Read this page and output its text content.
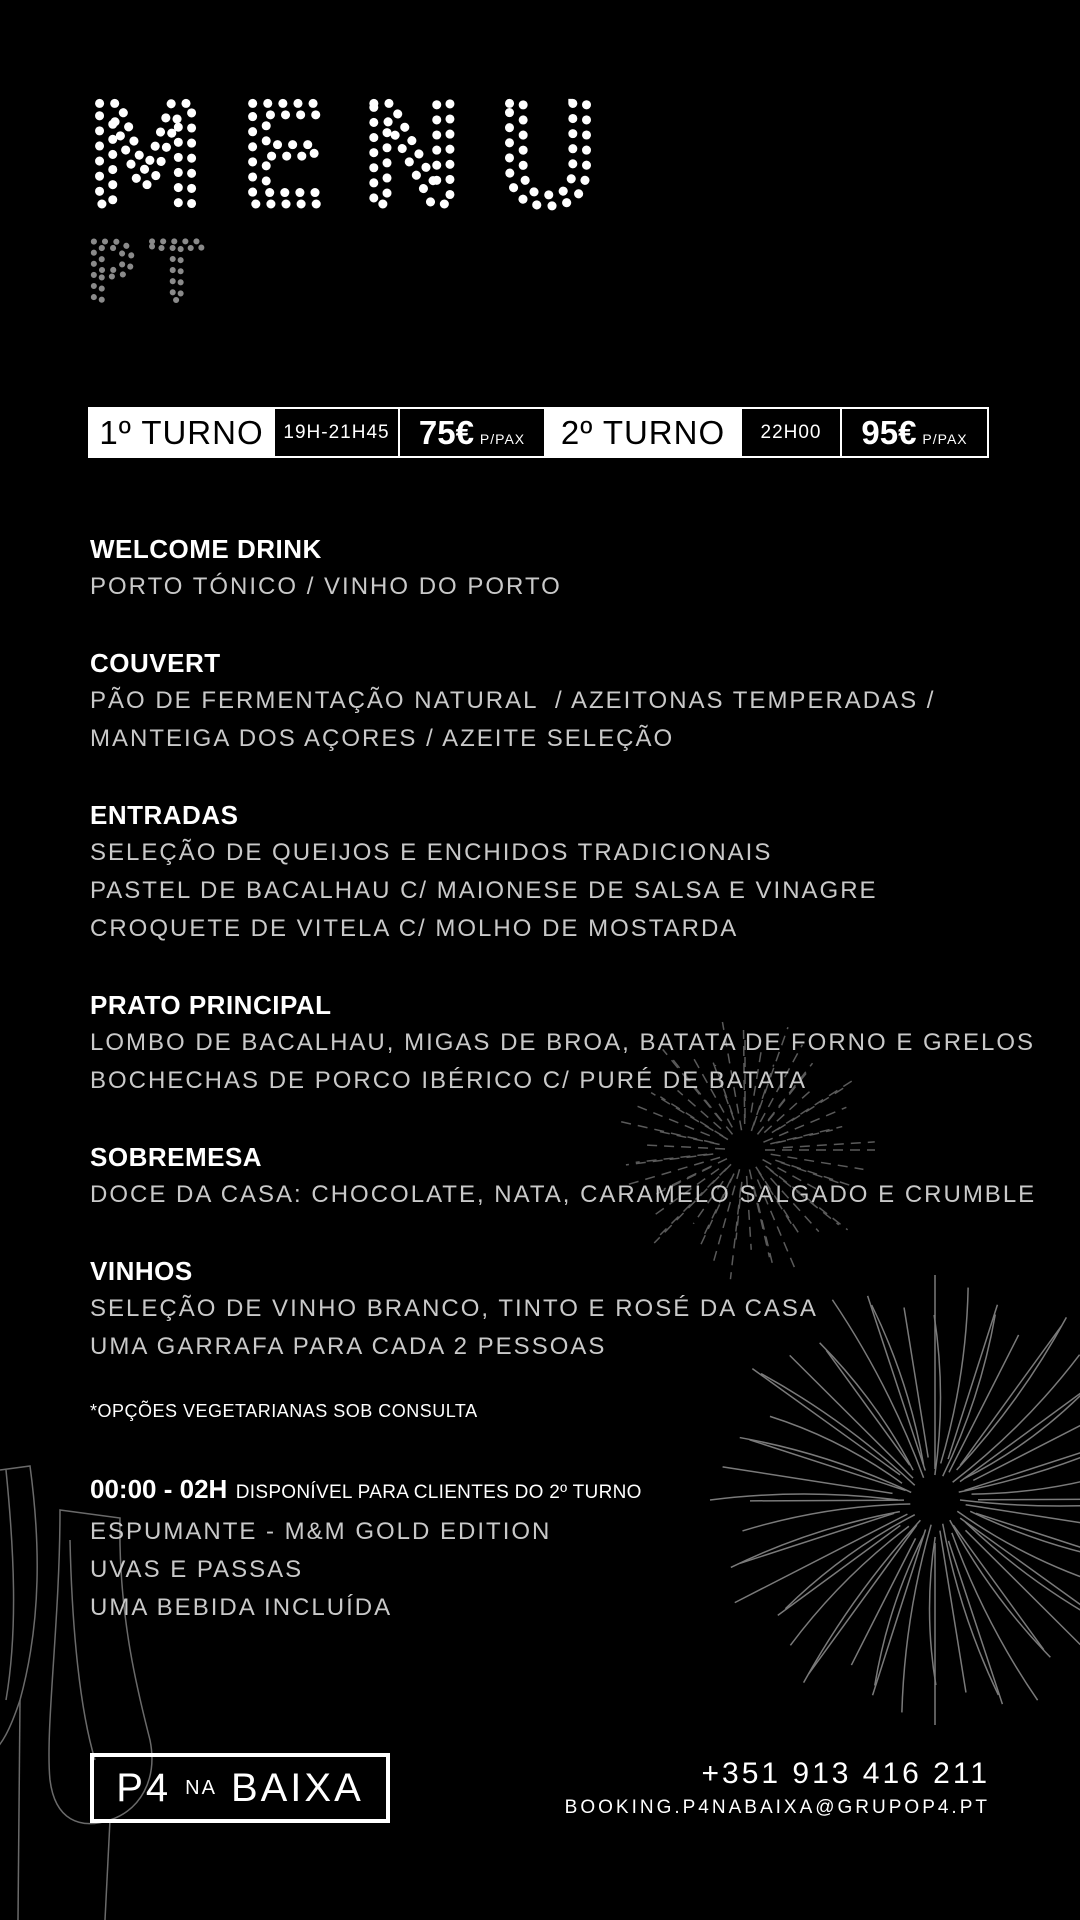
MENU
PT
1º TURNO	19H-21H45 75€ P/PAX	2º TURNO	22H00	95€ P/PAX
WELCOME DRINK
PORTO TÓNICO / VINHO DO PORTO
COUVERT
PÃO DE FERMENTAÇÃO NATURAL  / AZEITONAS TEMPERADAS /
MANTEIGA DOS AÇORES / AZEITE SELEÇÃO
ENTRADAS
SELEÇÃO DE QUEIJOS E ENCHIDOS TRADICIONAIS
PASTEL DE BACALHAU C/ MAIONESE DE SALSA E VINAGRE
CROQUETE DE VITELA C/ MOLHO DE MOSTARDA
PRATO PRINCIPAL
LOMBO DE BACALHAU, MIGAS DE BROA, BATATA DE FORNO E GRELOS
BOCHECHAS DE PORCO IBÉRICO C/ PURÉ DE BATATA
SOBREMESA
DOCE DA CASA: CHOCOLATE, NATA, CARAMELO SALGADO E CRUMBLE
VINHOS
SELEÇÃO DE VINHO BRANCO, TINTO E ROSÉ DA CASA
UMA GARRAFA PARA CADA 2 PESSOAS
*OPÇÕES VEGETARIANAS SOB CONSULTA
00:00 - 02H DISPONÍVEL PARA CLIENTES DO 2º TURNO
ESPUMANTE - M&M GOLD EDITION
UVAS E PASSAS
UMA BEBIDA INCLUÍDA
P4 NA BAIXA	+351 913 416 211
BOOKING.P4NABAIXA@GRUPOP4.PT
